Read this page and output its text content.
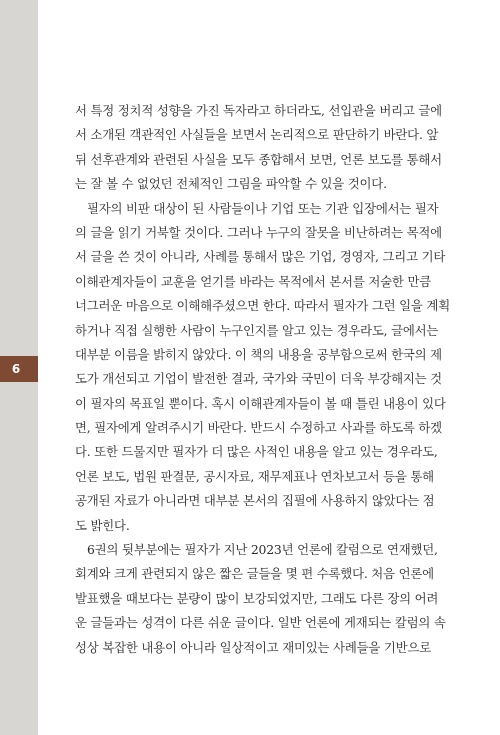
6
서 특정 정치적 성향을 가진 독자라고 하더라도, 선입관을 버리고 글에
서 소개된 객관적인 사실들을 보면서 논리적으로 판단하기 바란다. 앞
뒤 선후관계와 관련된 사실을 모두 종합해서 보면, 언론 보도를 통해서
는 잘 볼 수 없었던 전체적인 그림을 파악할 수 있을 것이다.
필자의 비판 대상이 된 사람들이나 기업 또는 기관 입장에서는 필자
의 글을 읽기 거북할 것이다. 그러나 누구의 잘못을 비난하려는 목적에
서 글을 쓴 것이 아니라, 사례를 통해서 많은 기업, 경영자, 그리고 기타
이해관계자들이 교훈을 얻기를 바라는 목적에서 본서를 저술한 만큼
너그러운 마음으로 이해해주셨으면 한다. 따라서 필자가 그런 일을 계획
하거나 직접 실행한 사람이 누구인지를 알고 있는 경우라도, 글에서는
대부분 이름을 밝히지 않았다. 이 책의 내용을 공부함으로써 한국의 제
도가 개선되고 기업이 발전한 결과, 국가와 국민이 더욱 부강해지는 것
이 필자의 목표일 뿐이다. 혹시 이해관계자들이 볼 때 틀린 내용이 있다
면, 필자에게 알려주시기 바란다. 반드시 수정하고 사과를 하도록 하겠
다. 또한 드물지만 필자가 더 많은 사적인 내용을 알고 있는 경우라도,
언론 보도, 법원 판결문, 공시자료, 재무제표나 연차보고서 등을 통해
공개된 자료가 아니라면 대부분 본서의 집필에 사용하지 않았다는 점
도 밝힌다.
6권의 뒷부분에는 필자가 지난 2023년 언론에 칼럼으로 연재했던,
회계와 크게 관련되지 않은 짧은 글들을 몇 편 수록했다. 처음 언론에
발표했을 때보다는 분량이 많이 보강되었지만, 그래도 다른 장의 어려
운 글들과는 성격이 다른 쉬운 글이다. 일반 언론에 게재되는 칼럼의 속
성상 복잡한 내용이 아니라 일상적이고 재미있는 사례들을 기반으로
